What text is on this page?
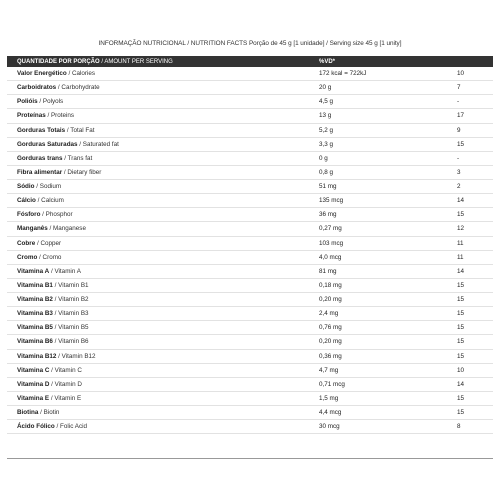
INFORMAÇÃO NUTRICIONAL / NUTRITION FACTS Porção de 45 g [1 unidade] / Serving size 45 g [1 unity]
QUANTIDADE POR PORÇÃO / AMOUNT PER SERVING	%VD*
Valor Energético / Calories	172 kcal = 722kJ	10
Carboidratos / Carbohydrate	20 g	7
Polióis / Polyols	4,5 g	-
Proteínas / Proteins	13 g	17
Gorduras Totais / Total Fat	5,2 g	9
Gorduras Saturadas / Saturated fat	3,3 g	15
Gorduras trans / Trans fat	0 g	-
Fibra alimentar / Dietary fiber	0,8 g	3
Sódio / Sodium	51 mg	2
Cálcio / Calcium	135 mcg	14
Fósforo / Phosphor	36 mg	15
Manganês / Manganese	0,27 mg	12
Cobre / Copper	103 mcg	11
Cromo / Cromo	4,0 mcg	11
Vitamina A / Vitamin A	81 mg	14
Vitamina B1 / Vitamin B1	0,18 mg	15
Vitamina B2 / Vitamin B2	0,20 mg	15
Vitamina B3 / Vitamin B3	2,4 mg	15
Vitamina B5 / Vitamin B5	0,76 mg	15
Vitamina B6 / Vitamin B6	0,20 mg	15
Vitamina B12 / Vitamin B12	0,36 mg	15
Vitamina C / Vitamin C	4,7 mg	10
Vitamina D / Vitamin D	0,71 mcg	14
Vitamina E / Vitamin E	1,5 mg	15
Biotina / Biotin	4,4 mcg	15
Ácido Fólico / Folic Acid	30 mcg	8
